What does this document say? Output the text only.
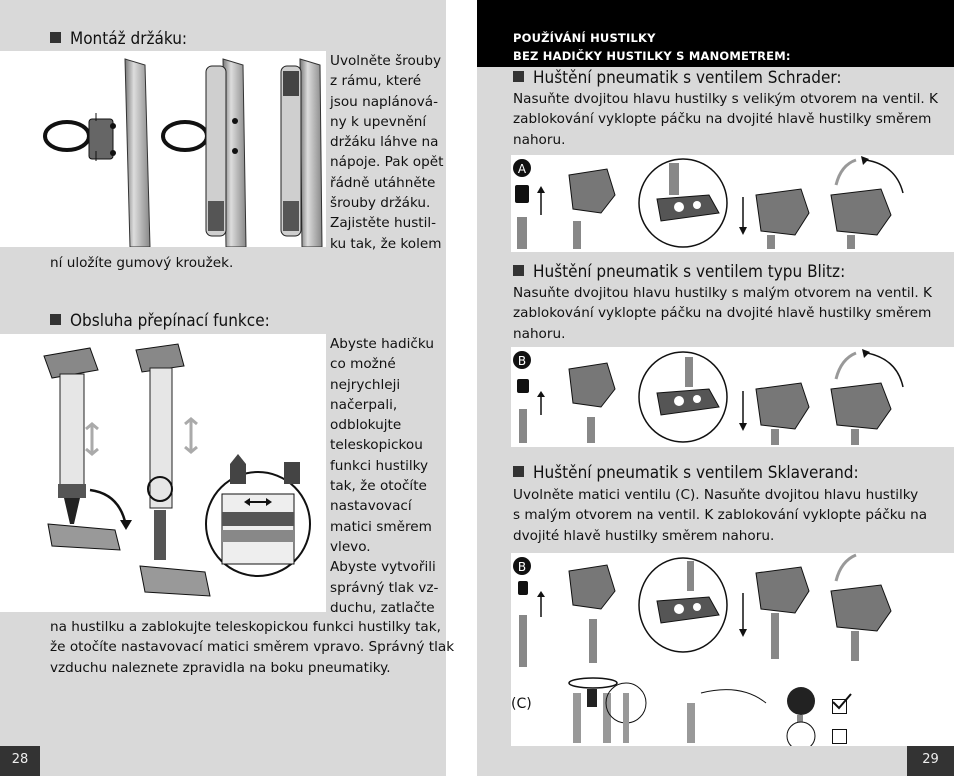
Montáž držáku:
Uvolněte šrouby
z rámu, které
jsou naplánová-
ny k upevnění
držáku láhve na
nápoje. Pak opět
řádně utáhněte
šrouby držáku.
Zajistěte hustil-
ku tak, že kolem
ní uložíte gumový kroužek.
Obsluha přepínací funkce:
Abyste hadičku
co možné
nejrychleji
načerpali,
odblokujte
teleskopickou
funkci hustilky
tak, že otočíte
nastavovací
matici směrem
vlevo.
Abyste vytvořili
správný tlak vz-
duchu, zatlačte
na hustilku a zablokujte teleskopickou funkci hustilky tak,
že otočíte nastavovací matici směrem vpravo. Správný tlak
vzduchu naleznete zpravidla na boku pneumatiky.
28
POUŽÍVÁNÍ HUSTILKY
BEZ HADIČKY HUSTILKY S MANOMETREM:
Huštění pneumatik s ventilem Schrader:
Nasuňte dvojitou hlavu hustilky s velikým otvorem na ventil. K
zablokování vyklopte páčku na dvojité hlavě hustilky směrem
nahoru.
A
Huštění pneumatik s ventilem typu Blitz:
Nasuňte dvojitou hlavu hustilky s malým otvorem na ventil. K
zablokování vyklopte páčku na dvojité hlavě hustilky směrem
nahoru.
B
Huštění pneumatik s ventilem Sklaverand:
Uvolněte matici ventilu (C). Nasuňte dvojitou hlavu hustilky
s malým otvorem na ventil. K zablokování vyklopte páčku na
dvojité hlavě hustilky směrem nahoru.
B
(C)
29
